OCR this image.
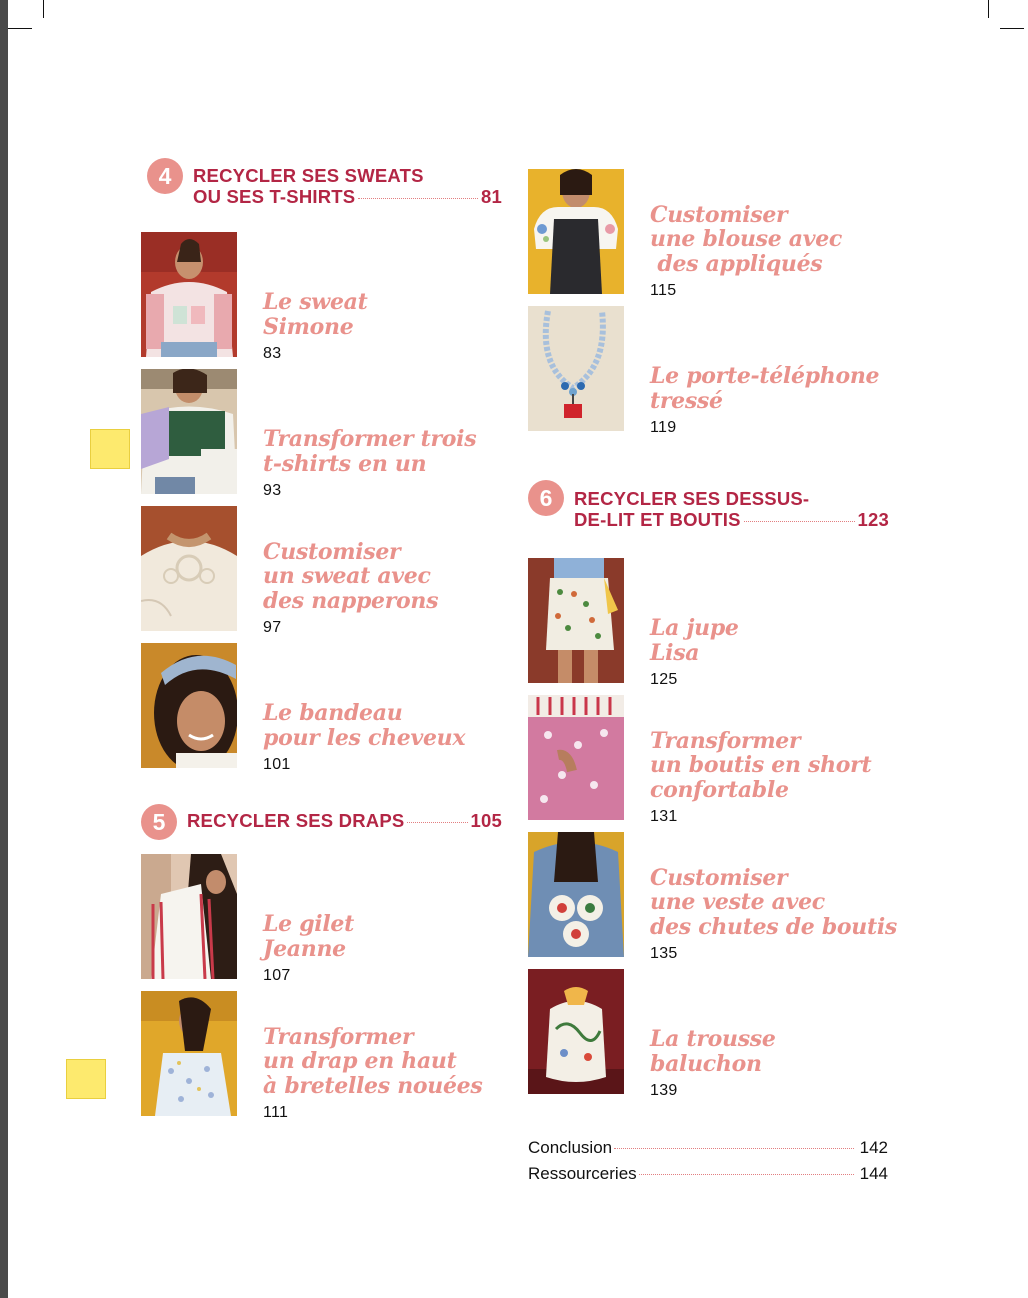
4	RECYCLER SES SWEATS
OU SES T-SHIRTS	81
5	RECYCLER SES DRAPS	105
6	RECYCLER SES DESSUS-
DE-LIT ET BOUTIS	123
Le sweat
Simone
83
Transformer trois
t-shirts en un
93
Customiser
un sweat avec
des napperons
97
Le bandeau
pour les cheveux
101
Le gilet
Jeanne
107
Transformer
un drap en haut
à bretelles nouées
111
Customiser
une blouse avec
des appliqués
115
Le porte-téléphone
tressé
119
La jupe
Lisa
125
Transformer
un boutis en short
confortable
131
Customiser
une veste avec
des chutes de boutis
135
La trousse
baluchon
139
Conclusion	142
Ressourceries	144
